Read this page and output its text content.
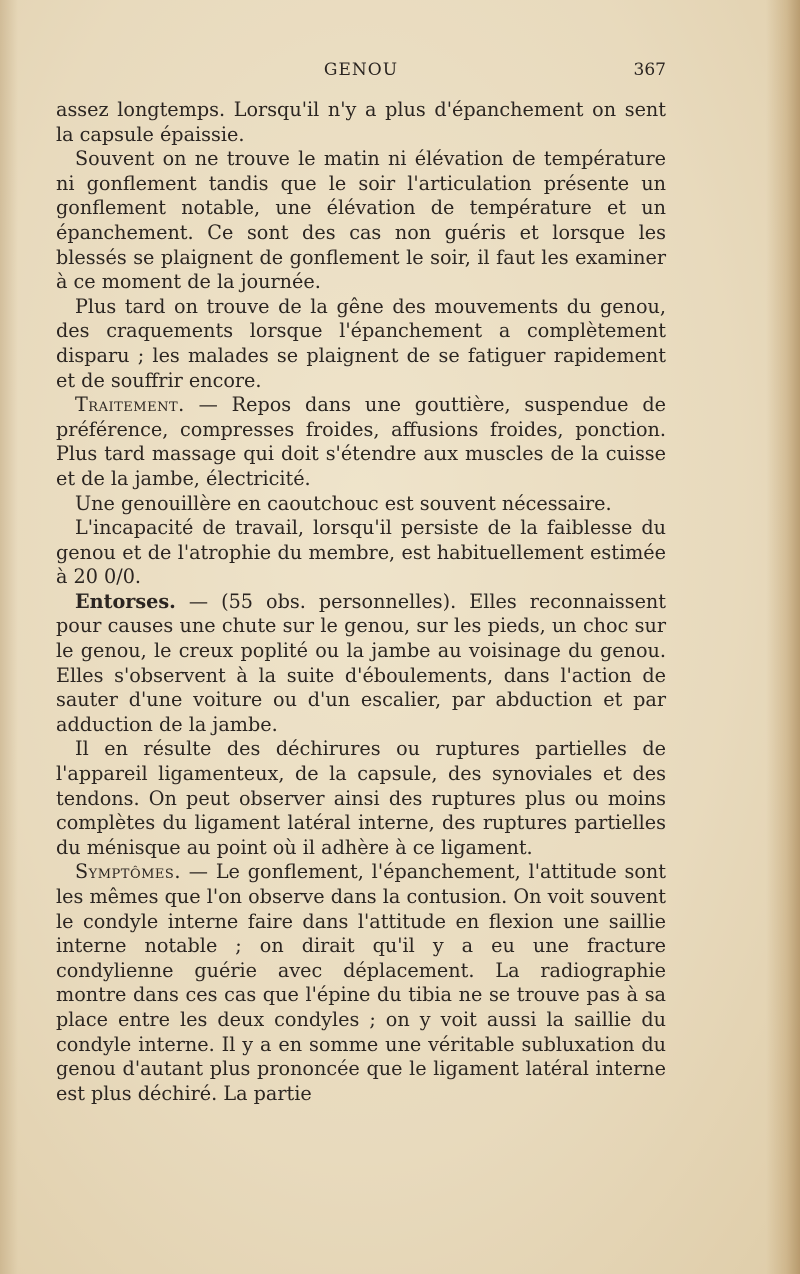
GENOU	367

assez longtemps. Lorsqu'il n'y a plus d'épanchement on sent la capsule épaissie.

Souvent on ne trouve le matin ni élévation de température ni gonflement tandis que le soir l'articulation présente un gonflement notable, une élévation de température et un épanchement. Ce sont des cas non guéris et lorsque les blessés se plaignent de gonflement le soir, il faut les examiner à ce moment de la journée.

Plus tard on trouve de la gêne des mouvements du genou, des craquements lorsque l'épanchement a complètement disparu ; les malades se plaignent de se fatiguer rapidement et de souffrir encore.

Traitement. — Repos dans une gouttière, suspendue de préférence, compresses froides, affusions froides, ponction. Plus tard massage qui doit s'étendre aux muscles de la cuisse et de la jambe, électricité.

Une genouillère en caoutchouc est souvent nécessaire.

L'incapacité de travail, lorsqu'il persiste de la faiblesse du genou et de l'atrophie du membre, est habituellement estimée à 20 0/0.

Entorses. — (55 obs. personnelles). Elles reconnaissent pour causes une chute sur le genou, sur les pieds, un choc sur le genou, le creux poplité ou la jambe au voisinage du genou. Elles s'observent à la suite d'éboulements, dans l'action de sauter d'une voiture ou d'un escalier, par abduction et par adduction de la jambe.

Il en résulte des déchirures ou ruptures partielles de l'appareil ligamenteux, de la capsule, des synoviales et des tendons. On peut observer ainsi des ruptures plus ou moins complètes du ligament latéral interne, des ruptures partielles du ménisque au point où il adhère à ce ligament.

Symptômes. — Le gonflement, l'épanchement, l'attitude sont les mêmes que l'on observe dans la contusion. On voit souvent le condyle interne faire dans l'attitude en flexion une saillie interne notable ; on dirait qu'il y a eu une fracture condylienne guérie avec déplacement. La radiographie montre dans ces cas que l'épine du tibia ne se trouve pas à sa place entre les deux condyles ; on y voit aussi la saillie du condyle interne. Il y a en somme une véritable subluxation du genou d'autant plus prononcée que le ligament latéral interne est plus déchiré. La partie
